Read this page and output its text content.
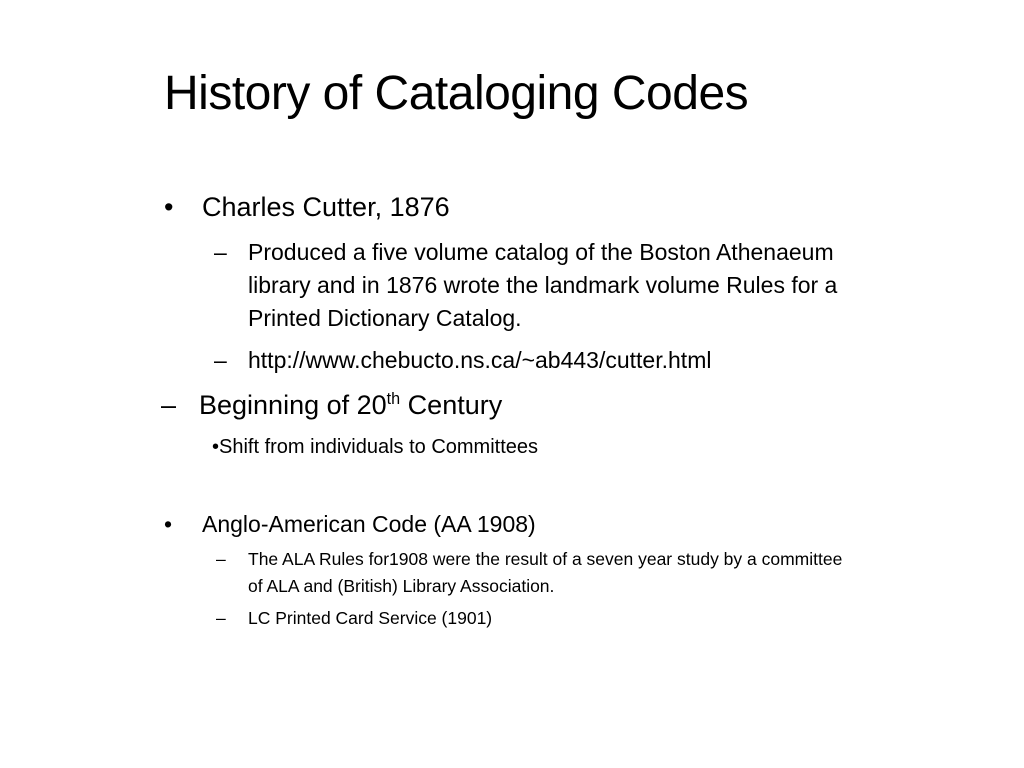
History of Cataloging Codes
• Charles Cutter, 1876
– Produced a five volume catalog of the Boston Athenaeum
library and in 1876 wrote the landmark volume Rules for a
Printed Dictionary Catalog.
– http://www.chebucto.ns.ca/~ab443/cutter.html
– Beginning of 20th Century
•Shift from individuals to Committees
• Anglo-American Code (AA 1908)
– The ALA Rules for1908 were the result of a seven year study by a committee
of ALA and (British) Library Association.
– LC Printed Card Service (1901)
